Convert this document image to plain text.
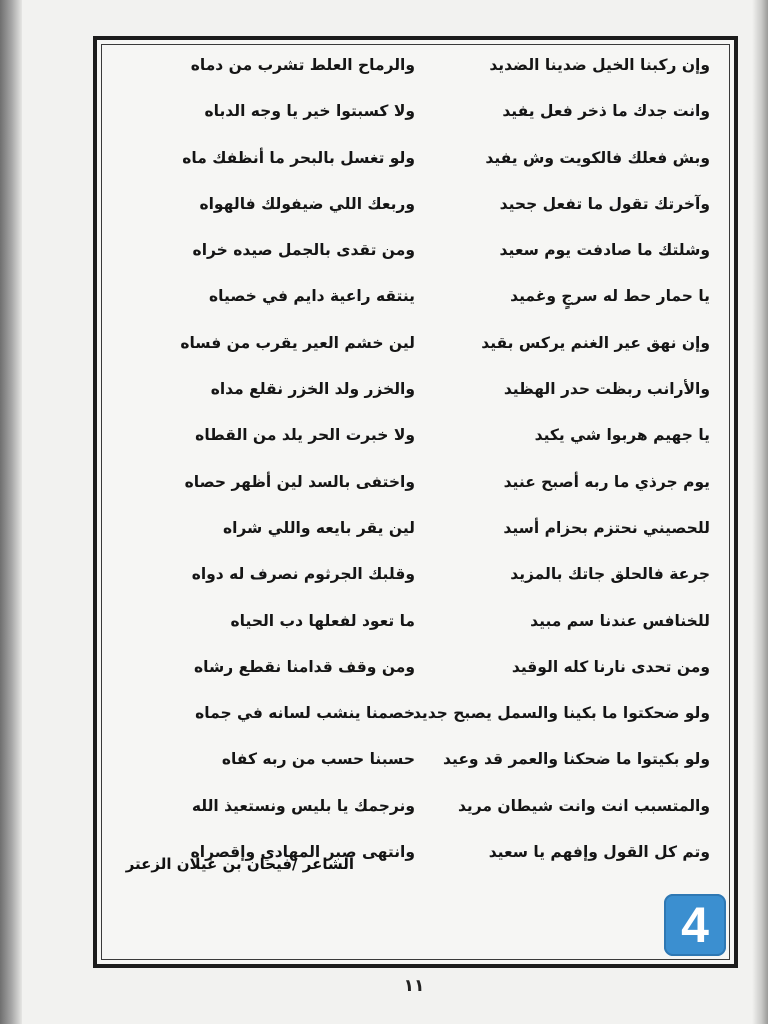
وإن ركبنا الخيل ضدينا الضديد
والرماح العلط تشرب من دماه
وانت جدك ما ذخر فعل يفيد
ولا كسبتوا خير يا وجه الدباه
وبش فعلك فالكويت وش يفيد
ولو تغسل بالبحر ما أنظفك ماه
وآخرتك تقول ما تفعل جحيد
وربعك اللي ضيفولك فالهواه
وشلتك ما صادفت يوم سعيد
ومن تقدى بالجمل صيده خراه
يا حمار حط له سرجٍ وغميد
ينتقه راعية دايم في خصياه
وإن نهق عير الغنم يركس بقيد
لين خشم العير يقرب من فساه
والأرانب ربظت حدر الهظيد
والخزر ولد الخزر نقلع مداه
يا جهيم هربوا شي يكيد
ولا خبرت الحر يلد من القطاه
يوم جرذي ما ربه أصبح عنيد
واختفى بالسد لين أظهر حصاه
للحصيني نحتزم بحزام أسيد
لين يقر بايعه واللي شراه
جرعة فالحلق جاتك بالمزيد
وقلبك الجرثوم نصرف له دواه
للخنافس عندنا سم مبيد
ما تعود لفعلها دب الحياه
ومن تحدى نارنا كله الوقيد
ومن وقف قدامنا نقطع رشاه
ولو ضحكتوا ما بكينا والسمل يصبح جديد
خصمنا ينشب لسانه في جماه
ولو بكيتوا ما ضحكنا والعمر قد وعيد
حسبنا حسب من ربه كفاه
والمتسبب انت وانت شيطان مريد
ونرجمك يا بليس ونستعيذ الله
وتم كل القول وإفهم يا سعيد
وانتهى صبر المهادي وإقصراه
الشاعر /فيحان بن غيلان الزعتر
4
١١
